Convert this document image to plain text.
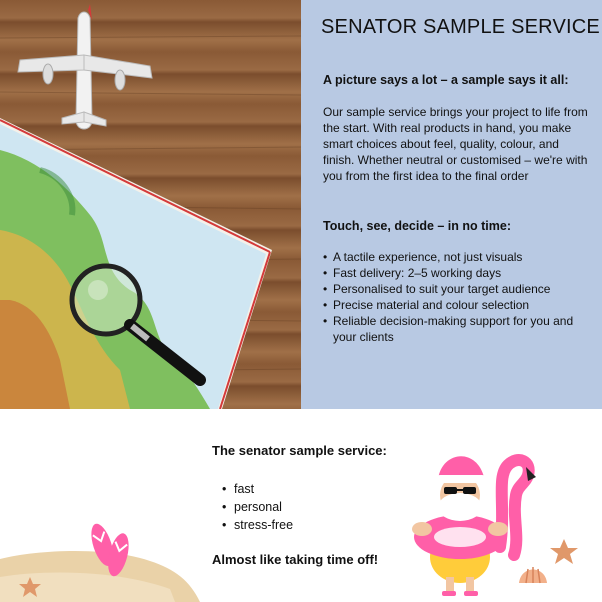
SENATOR SAMPLE SERVICE
A picture says a lot – a sample says it all:
Our sample service brings your project to life from the start. With real products in hand, you make smart choices about feel, quality, colour, and finish. Whether neutral or customised – we're with you from the first idea to the final order
Touch, see, decide – in no time:
• A tactile experience, not just visuals
• Fast delivery: 2–5 working days
• Personalised to suit your target audience
• Precise material and colour selection
• Reliable decision-making support for you and your clients
The senator sample service:
• fast
• personal
• stress-free
Almost like taking time off!
